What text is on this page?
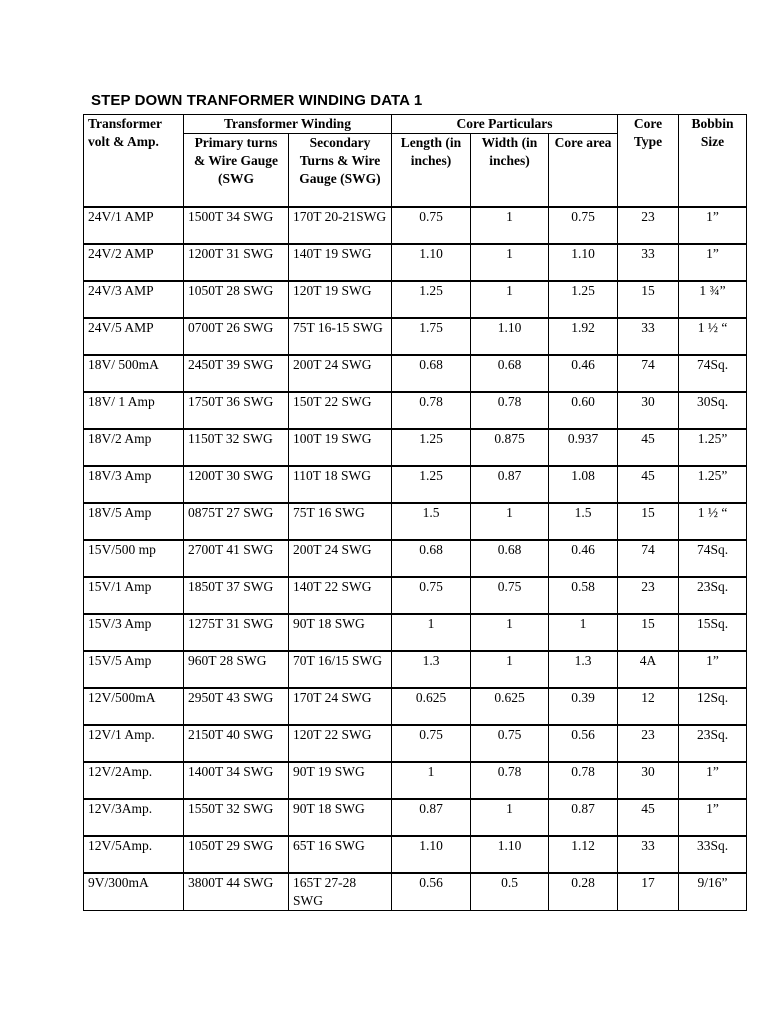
STEP DOWN TRANFORMER WINDING DATA 1
Transformer volt & Amp.	Transformer Winding		Core Particulars			Core Type	Bobbin Size
	Primary turns & Wire Gauge (SWG	Secondary Turns & Wire Gauge (SWG)	Length (in inches)	Width (in inches)	Core area		
24V/1 AMP	1500T 34 SWG	170T 20-21SWG	0.75	1	0.75	23	1”
24V/2 AMP	1200T 31 SWG	140T 19 SWG	1.10	1	1.10	33	1”
24V/3 AMP	1050T 28 SWG	120T 19 SWG	1.25	1	1.25	15	1 ¾”
24V/5 AMP	0700T 26 SWG	75T 16-15 SWG	1.75	1.10	1.92	33	1 ½ “
18V/ 500mA	2450T 39 SWG	200T 24 SWG	0.68	0.68	0.46	74	74Sq.
18V/ 1 Amp	1750T 36 SWG	150T 22 SWG	0.78	0.78	0.60	30	30Sq.
18V/2 Amp	1150T 32 SWG	100T 19 SWG	1.25	0.875	0.937	45	1.25”
18V/3 Amp	1200T 30 SWG	110T 18 SWG	1.25	0.87	1.08	45	1.25”
18V/5 Amp	0875T 27 SWG	75T 16 SWG	1.5	1	1.5	15	1 ½ “
15V/500 mp	2700T 41 SWG	200T 24 SWG	0.68	0.68	0.46	74	74Sq.
15V/1 Amp	1850T 37 SWG	140T 22 SWG	0.75	0.75	0.58	23	23Sq.
15V/3 Amp	1275T 31 SWG	90T 18 SWG	1	1	1	15	15Sq.
15V/5 Amp	960T 28 SWG	70T 16/15 SWG	1.3	1	1.3	4A	1”
12V/500mA	2950T 43 SWG	170T 24 SWG	0.625	0.625	0.39	12	12Sq.
12V/1 Amp.	2150T 40 SWG	120T 22 SWG	0.75	0.75	0.56	23	23Sq.
12V/2Amp.	1400T 34 SWG	90T 19 SWG	1	0.78	0.78	30	1”
12V/3Amp.	1550T 32 SWG	90T 18 SWG	0.87	1	0.87	45	1”
12V/5Amp.	1050T 29 SWG	65T 16 SWG	1.10	1.10	1.12	33	33Sq.
9V/300mA	3800T 44 SWG	165T 27-28 SWG	0.56	0.5	0.28	17	9/16”
